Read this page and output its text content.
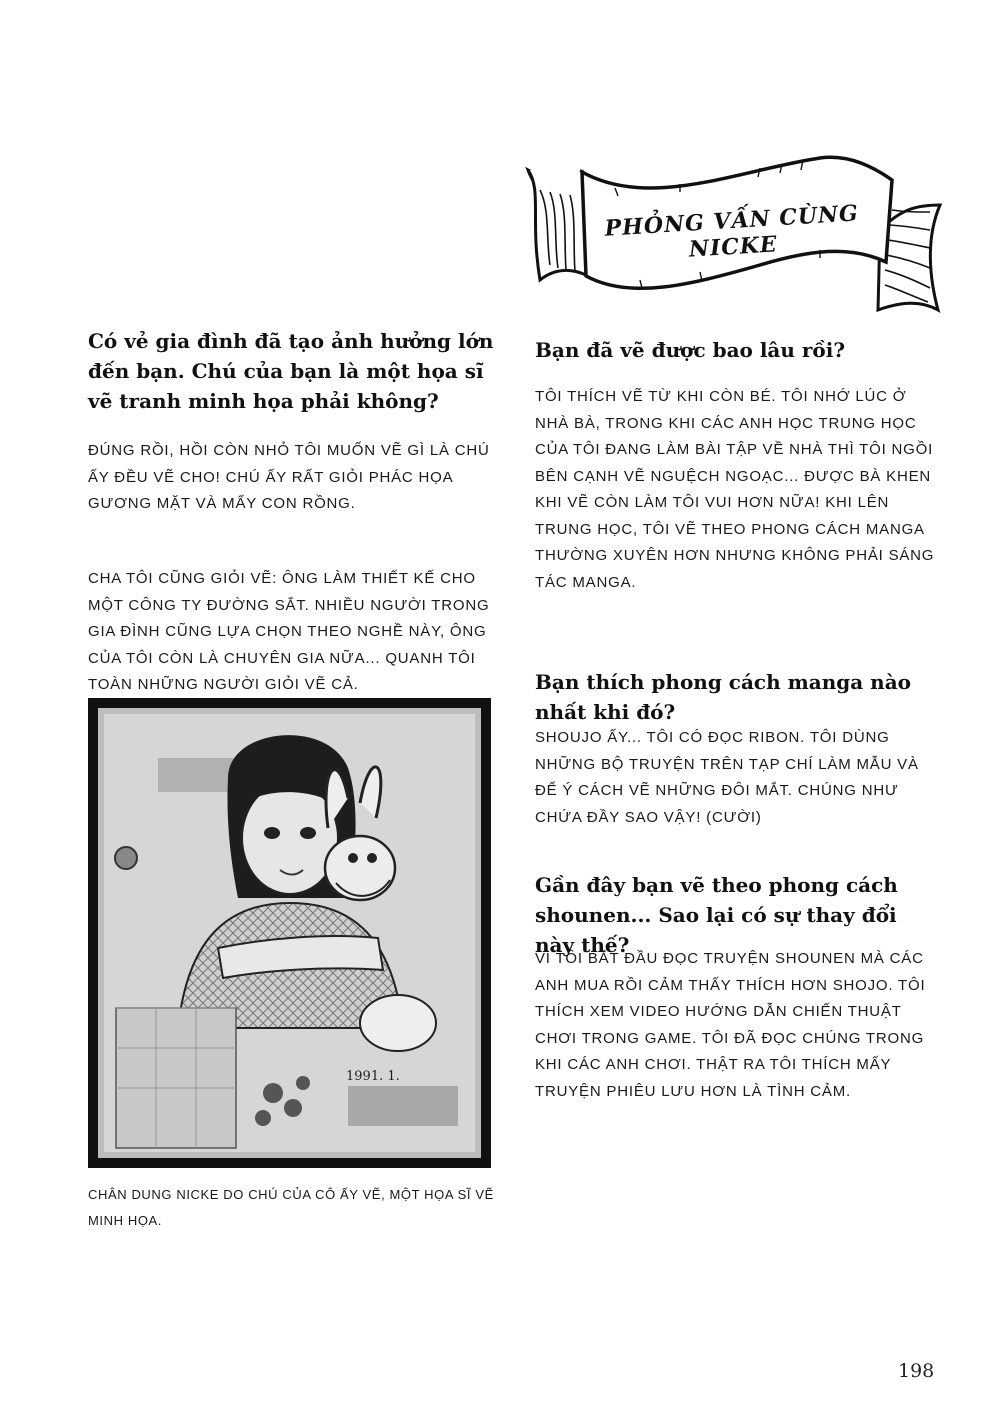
PHỎNG VẤN CÙNG NICKE
Có vẻ gia đình đã tạo ảnh hưởng lớn đến bạn. Chú của bạn là một họa sĩ vẽ tranh minh họa phải không?

ĐÚNG RỒI, HỒI CÒN NHỎ TÔI MUỐN VẼ GÌ LÀ CHÚ ẤY ĐỀU VẼ CHO! CHÚ ẤY RẤT GIỎI PHÁC HỌA GƯƠNG MẶT VÀ MẤY CON RỒNG.

CHA TÔI CŨNG GIỎI VẼ: ÔNG LÀM THIẾT KẾ CHO MỘT CÔNG TY ĐƯỜNG SẮT. NHIỀU NGƯỜI TRONG GIA ĐÌNH CŨNG LỰA CHỌN THEO NGHỀ NÀY, ÔNG CỦA TÔI CÒN LÀ CHUYÊN GIA NỮA... QUANH TÔI TOÀN NHỮNG NGƯỜI GIỎI VẼ CẢ.

1991. 1.

CHÂN DUNG NICKE DO CHÚ CỦA CÔ ẤY VẼ, MỘT HỌA SĨ VẼ MINH HỌA.

Bạn đã vẽ được bao lâu rồi?

TÔI THÍCH VẼ TỪ KHI CÒN BÉ. TÔI NHỚ LÚC Ở NHÀ BÀ, TRONG KHI CÁC ANH HỌC TRUNG HỌC CỦA TÔI ĐANG LÀM BÀI TẬP VỀ NHÀ THÌ TÔI NGỒI BÊN CẠNH VẼ NGUỆCH NGOẠC... ĐƯỢC BÀ KHEN KHI VẼ CÒN LÀM TÔI VUI HƠN NỮA! KHI LÊN TRUNG HỌC, TÔI VẼ THEO PHONG CÁCH MANGA THƯỜNG XUYÊN HƠN NHƯNG KHÔNG PHẢI SÁNG TÁC MANGA.

Bạn thích phong cách manga nào nhất khi đó?

SHOUJO ẤY... TÔI CÓ ĐỌC RIBON. TÔI DÙNG NHỮNG BỘ TRUYỆN TRÊN TẠP CHÍ LÀM MẪU VÀ ĐỂ Ý CÁCH VẼ NHỮNG ĐÔI MẮT. CHÚNG NHƯ CHỨA ĐẦY SAO VẬY! (CƯỜI)

Gần đây bạn vẽ theo phong cách shounen... Sao lại có sự thay đổi này thế?

VÌ TÔI BẮT ĐẦU ĐỌC TRUYỆN SHOUNEN MÀ CÁC ANH MUA RỒI CẢM THẤY THÍCH HƠN SHOJO. TÔI THÍCH XEM VIDEO HƯỚNG DẪN CHIẾN THUẬT CHƠI TRONG GAME. TÔI ĐÃ ĐỌC CHÚNG TRONG KHI CÁC ANH CHƠI. THẬT RA TÔI THÍCH MẤY TRUYỆN PHIÊU LƯU HƠN LÀ TÌNH CẢM.

198
